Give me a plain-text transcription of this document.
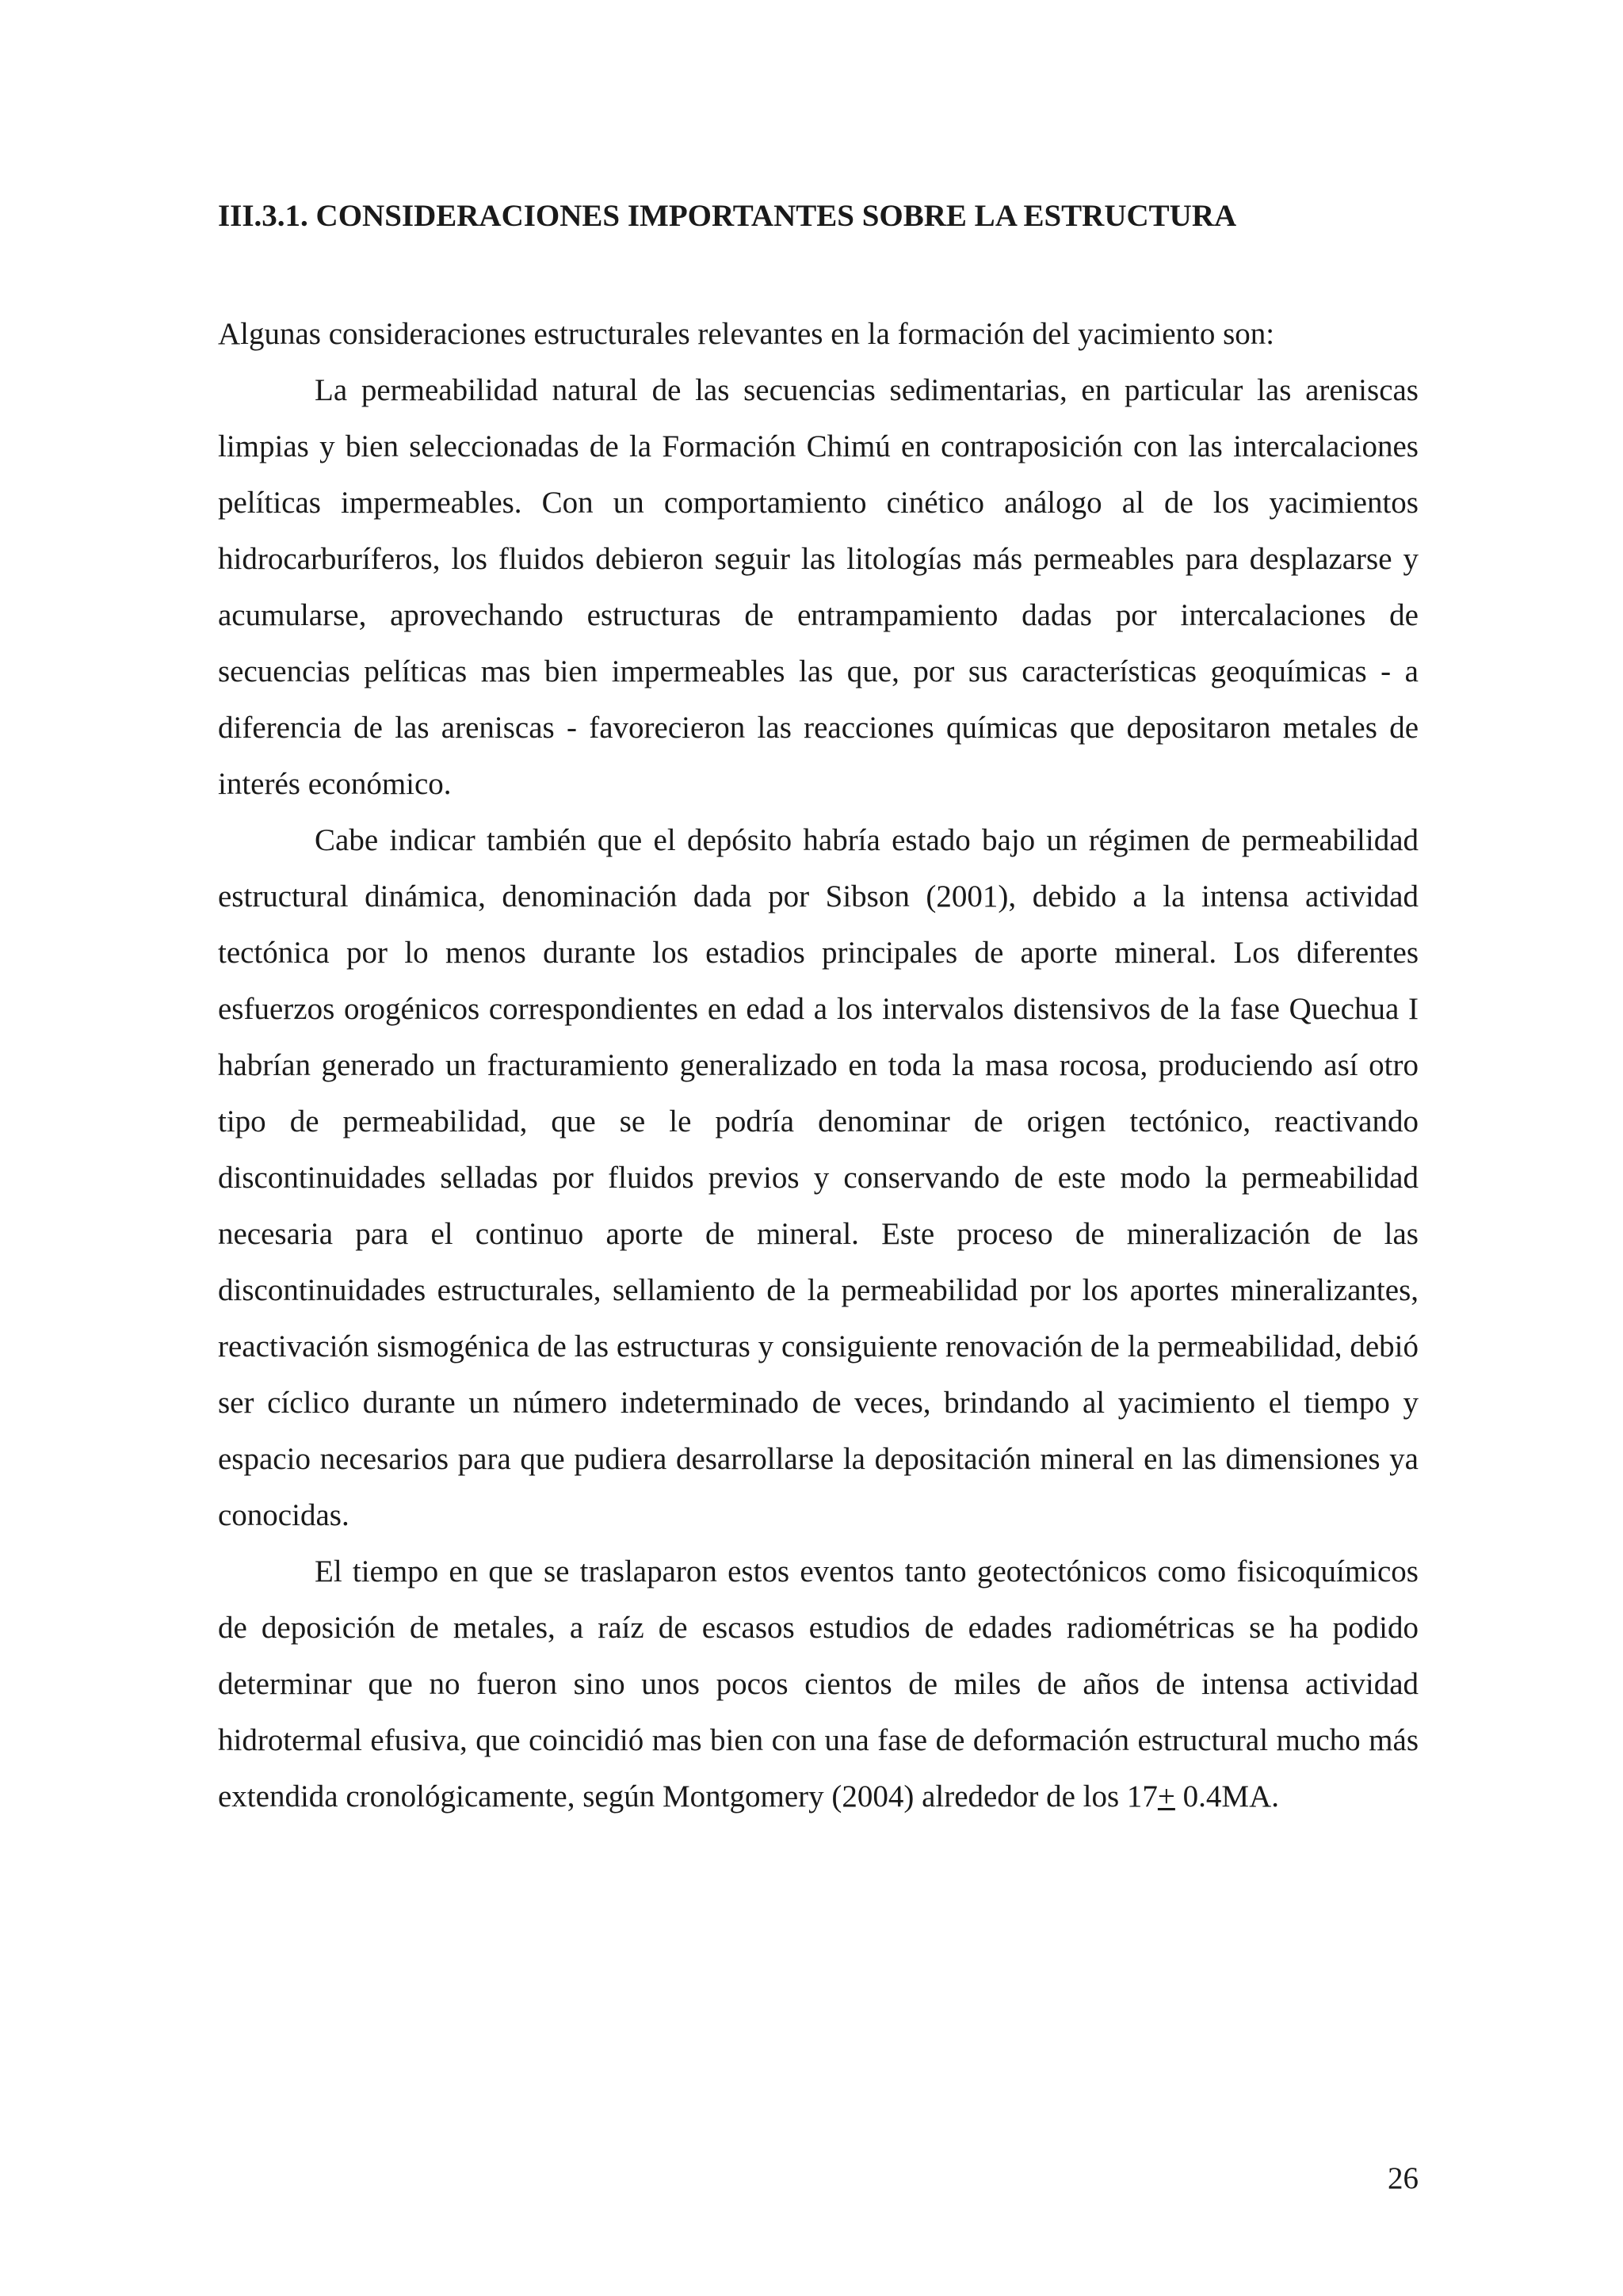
III.3.1. CONSIDERACIONES IMPORTANTES SOBRE LA ESTRUCTURA

Algunas consideraciones estructurales relevantes en la formación del yacimiento son:

La permeabilidad natural de las secuencias sedimentarias, en particular las areniscas limpias y bien seleccionadas de la Formación Chimú en contraposición con las intercalaciones pelíticas impermeables. Con un comportamiento cinético análogo al de los yacimientos hidrocarburíferos, los fluidos debieron seguir las litologías más permeables para desplazarse y acumularse, aprovechando estructuras de entrampamiento dadas por intercalaciones de secuencias pelíticas mas bien impermeables las que, por sus características geoquímicas - a diferencia de las areniscas - favorecieron las reacciones químicas que depositaron metales de interés económico.

Cabe indicar también que el depósito habría estado bajo un régimen de permeabilidad estructural dinámica, denominación dada por Sibson (2001), debido a la intensa actividad tectónica por lo menos durante los estadios principales de aporte mineral. Los diferentes esfuerzos orogénicos correspondientes en edad a los intervalos distensivos de la fase Quechua I habrían generado un fracturamiento generalizado en toda la masa rocosa, produciendo así otro tipo de permeabilidad, que se le podría denominar de origen tectónico, reactivando discontinuidades selladas por fluidos previos y conservando de este modo la permeabilidad necesaria para el continuo aporte de mineral. Este proceso de mineralización de las discontinuidades estructurales, sellamiento de la permeabilidad por los aportes mineralizantes, reactivación sismogénica de las estructuras y consiguiente renovación de la permeabilidad, debió ser cíclico durante un número indeterminado de veces, brindando al yacimiento el tiempo y espacio necesarios para que pudiera desarrollarse la depositación mineral en las dimensiones ya conocidas.

El tiempo en que se traslaparon estos eventos tanto geotectónicos como fisicoquímicos de deposición de metales, a raíz de escasos estudios de edades radiométricas se ha podido determinar que no fueron sino unos pocos cientos de miles de años de intensa actividad hidrotermal efusiva, que coincidió mas bien con una fase de deformación estructural mucho más extendida cronológicamente, según Montgomery (2004) alrededor de los 17+ 0.4MA.

26
